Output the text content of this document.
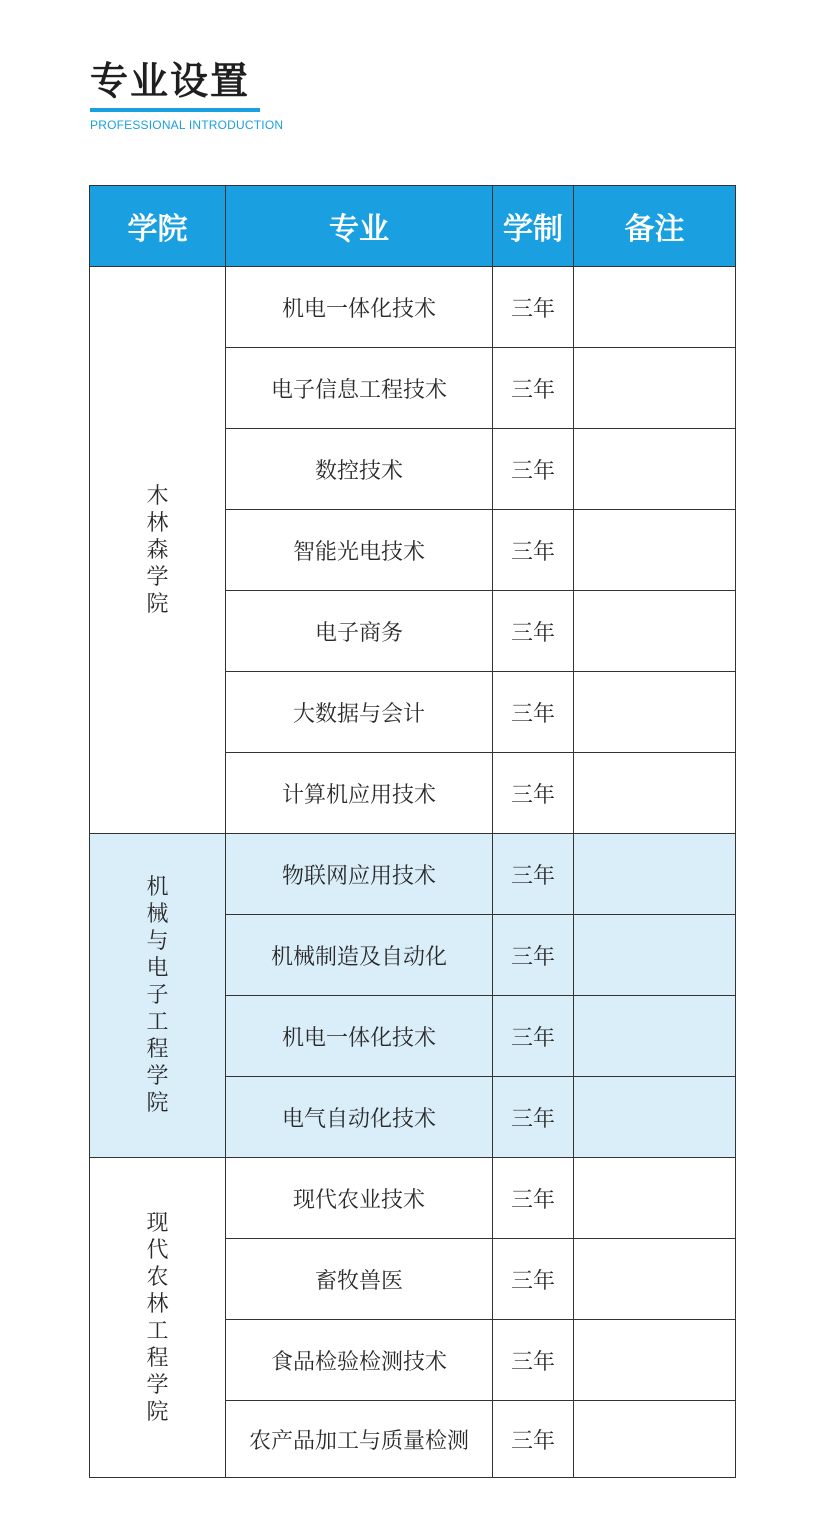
专业设置
PROFESSIONAL INTRODUCTION
学院	专业	学制	备注
木林森学院	机电一体化技术	三年	
	电子信息工程技术	三年	
	数控技术	三年	
	智能光电技术	三年	
	电子商务	三年	
	大数据与会计	三年	
	计算机应用技术	三年	
机械与电子工程学院	物联网应用技术	三年	
	机械制造及自动化	三年	
	机电一体化技术	三年	
	电气自动化技术	三年	
现代农林工程学院	现代农业技术	三年	
	畜牧兽医	三年	
	食品检验检测技术	三年	
	农产品加工与质量检测	三年	
